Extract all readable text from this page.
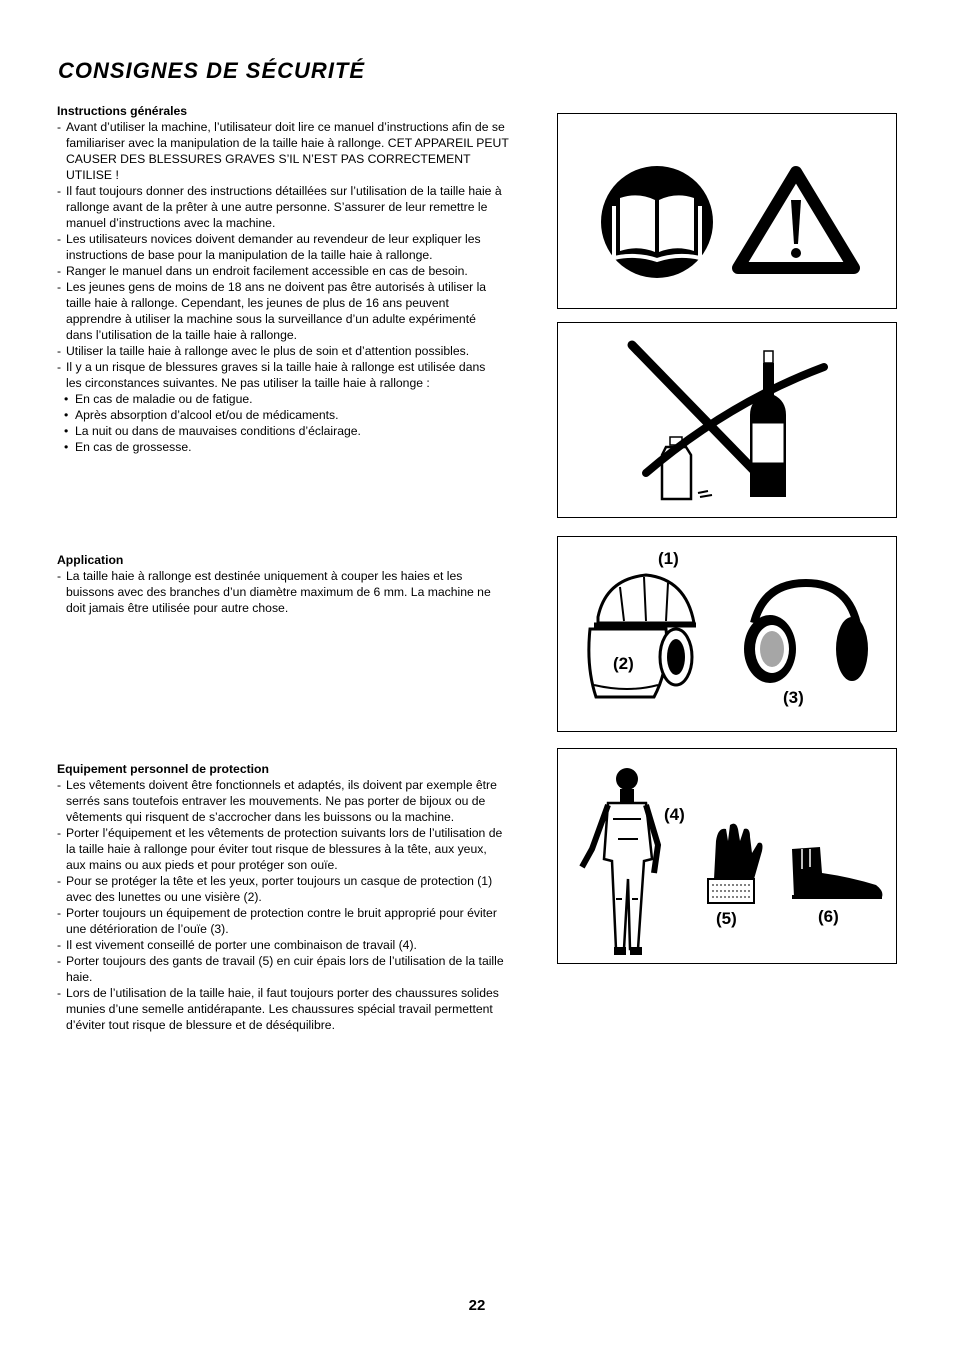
CONSIGNES DE SÉCURITÉ
Instructions générales
- Avant d’utiliser la machine, l’utilisateur doit lire ce manuel d’instructions afin de se
familiariser avec la manipulation de la taille haie à rallonge. CET APPAREIL PEUT
CAUSER DES BLESSURES GRAVES S’IL N’EST PAS CORRECTEMENT
UTILISE !
- Il faut toujours donner des instructions détaillées sur l’utilisation de la taille haie à
rallonge avant de la prêter à une autre personne. S’assurer de leur remettre le
manuel d’instructions avec la machine.
- Les utilisateurs novices doivent demander au revendeur de leur expliquer les
instructions de base pour la manipulation de la taille haie à rallonge.
- Ranger le manuel dans un endroit facilement accessible en cas de besoin.
- Les jeunes gens de moins de 18 ans ne doivent pas être autorisés à utiliser la
taille haie à rallonge. Cependant, les jeunes de plus de 16 ans peuvent
apprendre à utiliser la machine sous la surveillance d’un adulte expérimenté
dans l’utilisation de la taille haie à rallonge.
- Utiliser la taille haie à rallonge avec le plus de soin et d’attention possibles.
- Il y a un risque de blessures graves si la taille haie à rallonge est utilisée dans
les circonstances suivantes. Ne pas utiliser la taille haie à rallonge :
• En cas de maladie ou de fatigue.
• Après absorption d’alcool et/ou de médicaments.
• La nuit ou dans de mauvaises conditions d’éclairage.
• En cas de grossesse.
Application
- La taille haie à rallonge est destinée uniquement à couper les haies et les
buissons avec des branches d’un diamètre maximum de 6 mm. La machine ne
doit jamais être utilisée pour autre chose.
Equipement personnel de protection
- Les vêtements doivent être fonctionnels et adaptés, ils doivent par exemple être
serrés sans toutefois entraver les mouvements. Ne pas porter de bijoux ou de
vêtements qui risquent de s’accrocher dans les buissons ou la machine.
- Porter l’équipement et les vêtements de protection suivants lors de l’utilisation de
la taille haie à rallonge pour éviter tout risque de blessures à la tête, aux yeux,
aux mains ou aux pieds et pour protéger son ouïe.
- Pour se protéger la tête et les yeux, porter toujours un casque de protection (1)
avec des lunettes ou une visière (2).
- Porter toujours un équipement de protection contre le bruit approprié pour éviter
une détérioration de l’ouïe (3).
- Il est vivement conseillé de porter une combinaison de travail (4).
- Porter toujours des gants de travail (5) en cuir épais lors de l’utilisation de la taille
haie.
- Lors de l’utilisation de la taille haie, il faut toujours porter des chaussures solides
munies d’une semelle antidérapante. Les chaussures spécial travail permettent
d’éviter tout risque de blessure et de déséquilibre.
(1)
(2)
(3)
(4)
(5)	(6)
22
